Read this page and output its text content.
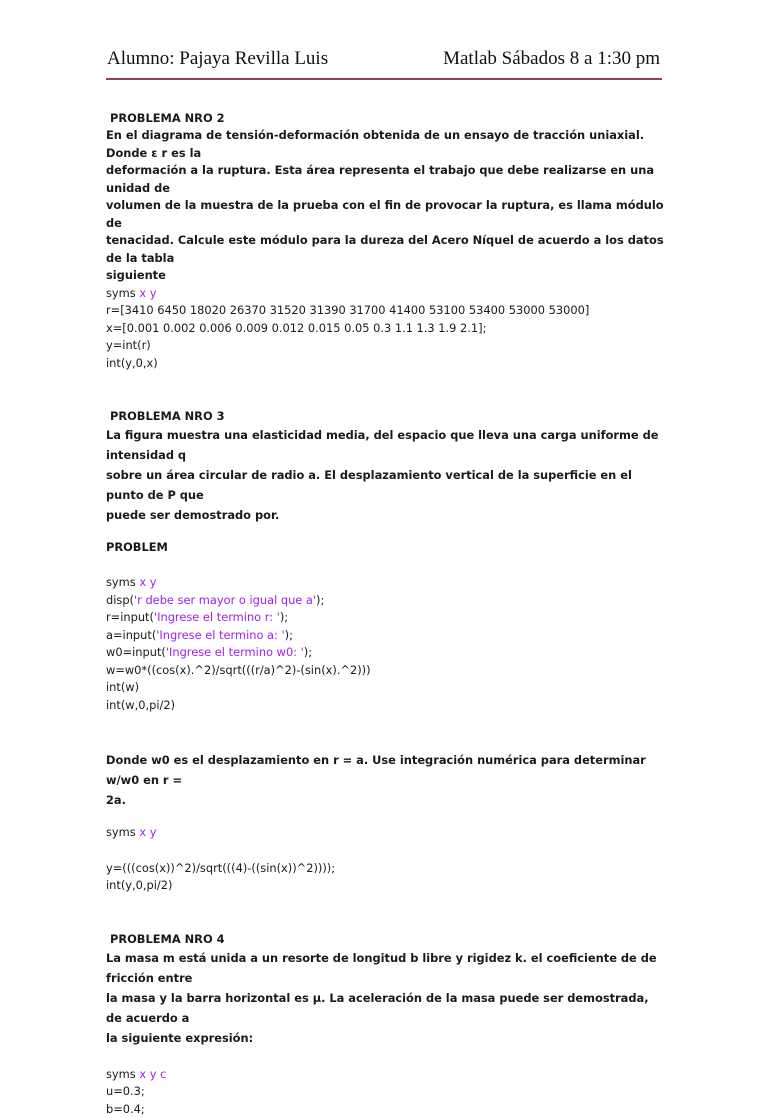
Alumno: Pajaya Revilla Luis	Matlab Sábados 8 a 1:30 pm
PROBLEMA NRO 2
En el diagrama de tensión-deformación obtenida de un ensayo de tracción uniaxial. Donde ε r es la
deformación a la ruptura. Esta área representa el trabajo que debe realizarse en una unidad de
volumen de la muestra de la prueba con el fin de provocar la ruptura, es llama módulo de
tenacidad. Calcule este módulo para la dureza del Acero Níquel de acuerdo a los datos de la tabla
siguiente
syms x y
r=[3410 6450 18020 26370 31520 31390 31700 41400 53100 53400 53000 53000]
x=[0.001 0.002 0.006 0.009 0.012 0.015 0.05 0.3 1.1 1.3 1.9 2.1];
y=int(r)
int(y,0,x)
PROBLEMA NRO 3
La figura muestra una elasticidad media, del espacio que lleva una carga uniforme de intensidad q
sobre un área circular de radio a. El desplazamiento vertical de la superficie en el punto de P que
puede ser demostrado por.
PROBLEM
syms x y
disp('r debe ser mayor o igual que a');
r=input('Ingrese el termino r: ');
a=input('Ingrese el termino a: ');
w0=input('Ingrese el termino w0: ');
w=w0*((cos(x).^2)/sqrt(((r/a)^2)-(sin(x).^2)))
int(w)
int(w,0,pi/2)
Donde w0 es el desplazamiento en r = a. Use integración numérica para determinar w/w0 en r =
2a.
syms x y
y=(((cos(x))^2)/sqrt(((4)-((sin(x))^2))));
int(y,0,pi/2)
PROBLEMA NRO 4
La masa m está unida a un resorte de longitud b libre y rigidez k. el coeficiente de de fricción entre
la masa y la barra horizontal es μ. La aceleración de la masa puede ser demostrada, de acuerdo a
la siguiente expresión:
syms x y c
u=0.3;
b=0.4;
